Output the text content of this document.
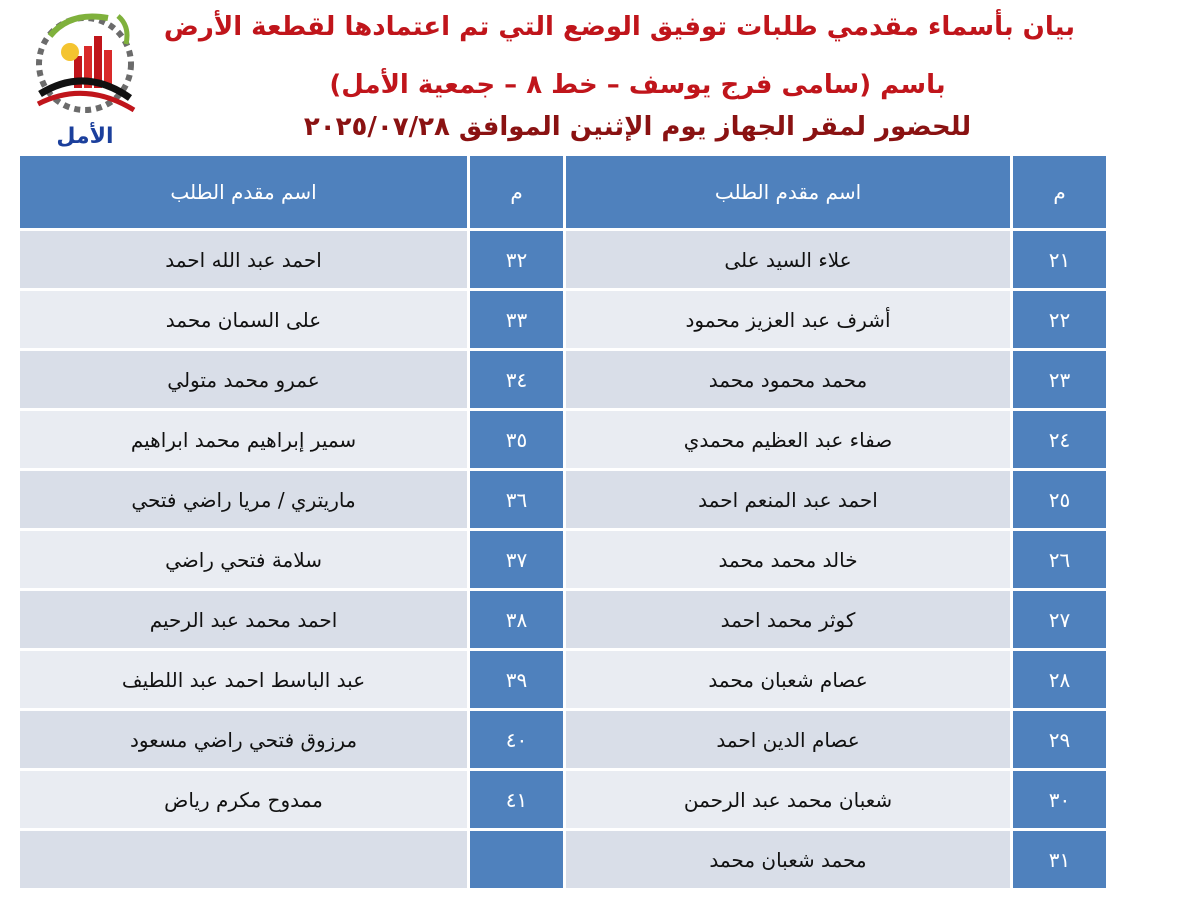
الأمل
بيان بأسماء مقدمي طلبات توفيق الوضع التي تم اعتمادها لقطعة الأرض
باسم (سامى فرج يوسف – خط ٨ – جمعية الأمل)
للحضور لمقر الجهاز يوم الإثنين الموافق ٢٠٢٥/٠٧/٢٨
م
اسم مقدم الطلب
م
اسم مقدم الطلب
٢١
علاء السيد على
٣٢
احمد عبد الله احمد
٢٢
أشرف عبد العزيز محمود
٣٣
على السمان محمد
٢٣
محمد محمود محمد
٣٤
عمرو محمد متولي
٢٤
صفاء عبد العظيم محمدي
٣٥
سمير إبراهيم محمد ابراهيم
٢٥
احمد عبد المنعم احمد
٣٦
ماريتري / مريا راضي فتحي
٢٦
خالد محمد محمد
٣٧
سلامة فتحي راضي
٢٧
كوثر محمد احمد
٣٨
احمد محمد عبد الرحيم
٢٨
عصام شعبان محمد
٣٩
عبد الباسط احمد عبد اللطيف
٢٩
عصام الدين احمد
٤٠
مرزوق فتحي راضي مسعود
٣٠
شعبان محمد عبد الرحمن
٤١
ممدوح مكرم رياض
٣١
محمد شعبان محمد
